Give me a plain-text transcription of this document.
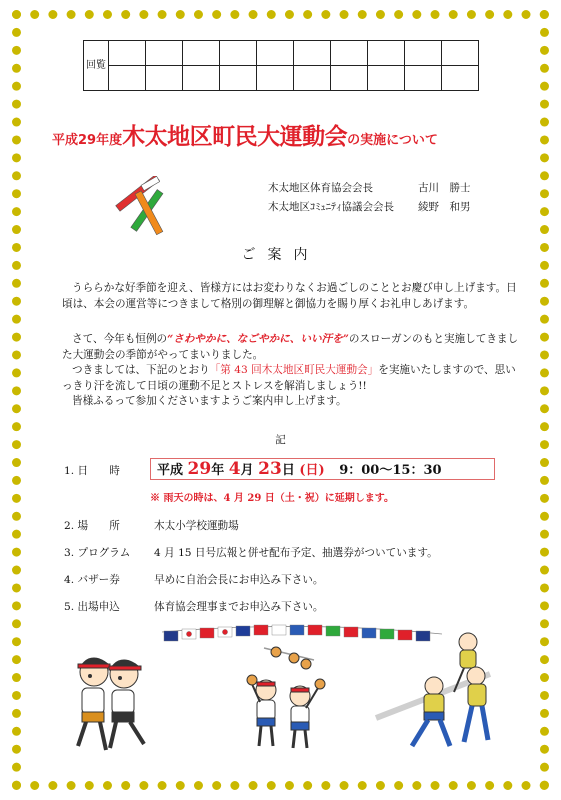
回覧										

平成29年度木太地区町民大運動会の実施について
木太地区体育協会会長	古川　勝士
木太地区ｺﾐｭﾆﾃｨ協議会会長 綾野　和男
ご案内
うららかな好季節を迎え、皆様方にはお変わりなくお過ごしのこととお慶び申し上げます。日頃は、本会の運営等につきまして格別の御理解と御協力を賜り厚くお礼申しあげます。
さて、今年も恒例の“さわやかに、なごやかに、いい汗を”のスローガンのもと実施してきました大運動会の季節がやってまいりました。
つきましては、下記のとおり「第 43 回木太地区町民大運動会」を実施いたしますので、思いっきり汗を流して日頃の運動不足とストレスを解消しましょう!!
皆様ふるって参加くださいますようご案内申し上げます。
記
1. 日　　時	平成 29年 4月 23日 (日) 9：00～15：30
※ 雨天の時は、4 月 29 日（土・祝）に延期します。
2. 場　　所	木太小学校運動場
3. プログラム 4 月 15 日号広報と併せ配布予定、抽選券がついています。
4. バザー券	早めに自治会長にお申込み下さい。
5. 出場申込	体育協会理事までお申込み下さい。
